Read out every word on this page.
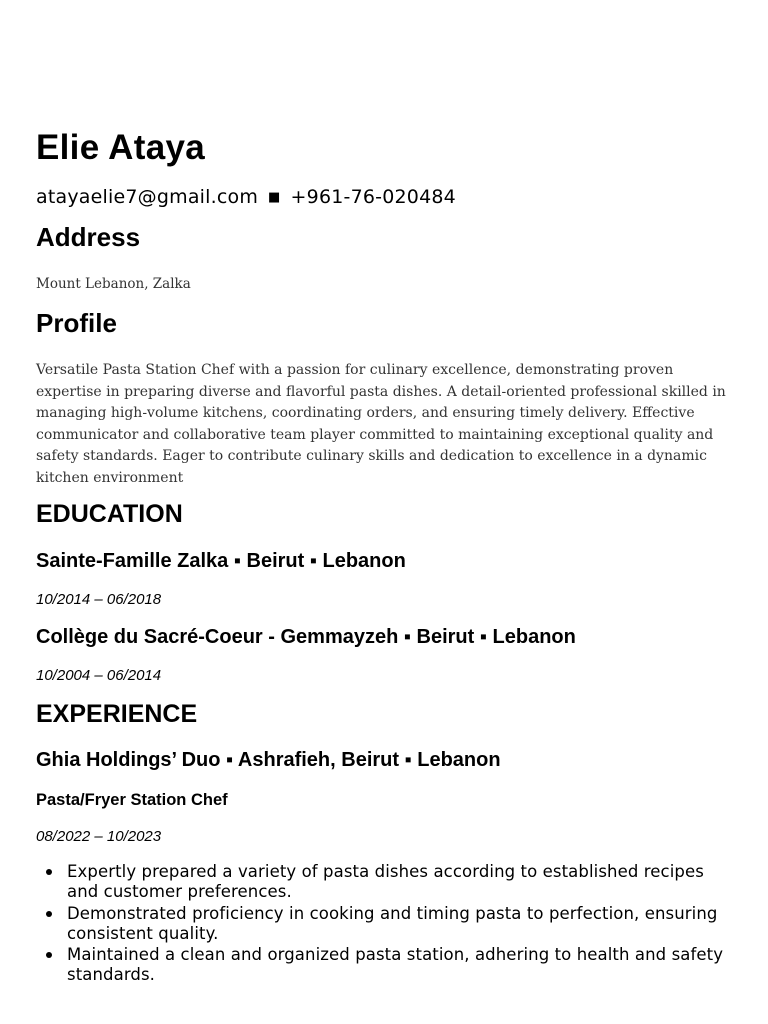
Elie Ataya
atayaelie7@gmail.com ■ +961-76-020484
Address
Mount Lebanon, Zalka
Profile
Versatile Pasta Station Chef with a passion for culinary excellence, demonstrating proven expertise in preparing diverse and flavorful pasta dishes. A detail-oriented professional skilled in managing high-volume kitchens, coordinating orders, and ensuring timely delivery. Effective communicator and collaborative team player committed to maintaining exceptional quality and safety standards. Eager to contribute culinary skills and dedication to excellence in a dynamic kitchen environment
EDUCATION
Sainte-Famille Zalka ▪ Beirut ▪ Lebanon
10/2014 – 06/2018
Collège du Sacré-Coeur - Gemmayzeh ▪ Beirut ▪ Lebanon
10/2004 – 06/2014
EXPERIENCE
Ghia Holdings’ Duo ▪ Ashrafieh, Beirut ▪ Lebanon
Pasta/Fryer Station Chef
08/2022 – 10/2023
Expertly prepared a variety of pasta dishes according to established recipes and customer preferences.
Demonstrated proficiency in cooking and timing pasta to perfection, ensuring consistent quality.
Maintained a clean and organized pasta station, adhering to health and safety standards.
